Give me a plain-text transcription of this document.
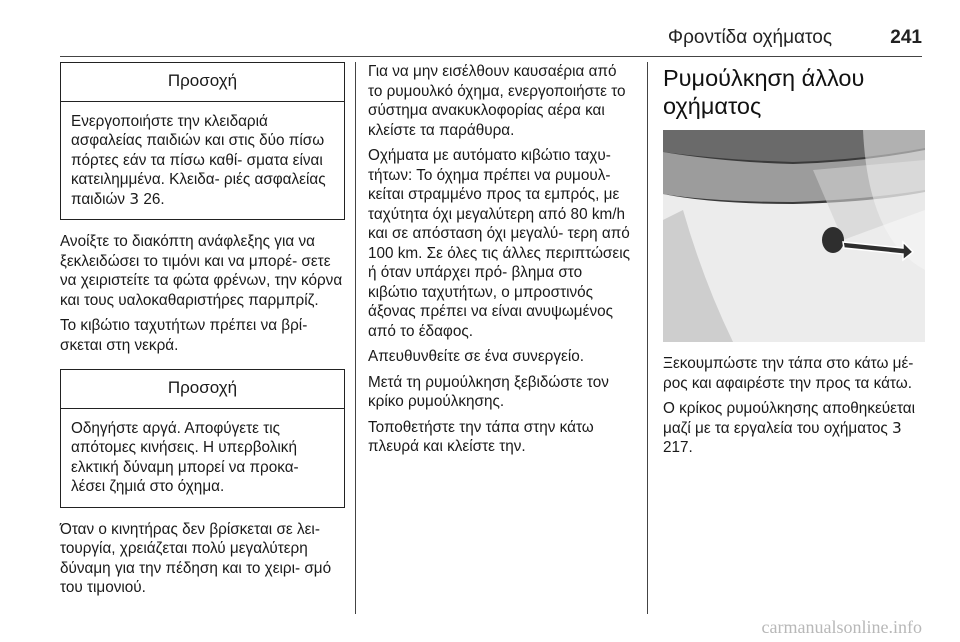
Φροντίδα οχήματος	241
Προσοχή
Ενεργοποιήστε την κλειδαριά ασφαλείας παιδιών και στις δύο πίσω πόρτες εάν τα πίσω καθί- σματα είναι κατειλημμένα. Κλειδα- ριές ασφαλείας παιδιών 3 26.

Ανοίξτε το διακόπτη ανάφλεξης για να ξεκλειδώσει το τιμόνι και να μπορέ- σετε να χειριστείτε τα φώτα φρένων, την κόρνα και τους υαλοκαθαριστήρες παρμπρίζ.

Το κιβώτιο ταχυτήτων πρέπει να βρί- σκεται στη νεκρά.

Προσοχή
Οδηγήστε αργά. Αποφύγετε τις απότομες κινήσεις. Η υπερβολική ελκτική δύναμη μπορεί να προκα- λέσει ζημιά στο όχημα.

Όταν ο κινητήρας δεν βρίσκεται σε λει- τουργία, χρειάζεται πολύ μεγαλύτερη δύναμη για την πέδηση και το χειρι- σμό του τιμονιού.

Για να μην εισέλθουν καυσαέρια από το ρυμουλκό όχημα, ενεργοποιήστε το σύστημα ανακυκλοφορίας αέρα και κλείστε τα παράθυρα.

Οχήματα με αυτόματο κιβώτιο ταχυ- τήτων: Το όχημα πρέπει να ρυμουλ- κείται στραμμένο προς τα εμπρός, με ταχύτητα όχι μεγαλύτερη από 80 km/h και σε απόσταση όχι μεγαλύ- τερη από 100 km. Σε όλες τις άλλες περιπτώσεις ή όταν υπάρχει πρό- βλημα στο κιβώτιο ταχυτήτων, ο μπροστινός άξονας πρέπει να είναι ανυψωμένος από το έδαφος.

Απευθυνθείτε σε ένα συνεργείο.

Μετά τη ρυμούλκηση ξεβιδώστε τον κρίκο ρυμούλκησης.

Τοποθετήστε την τάπα στην κάτω πλευρά και κλείστε την.

Ρυμούλκηση άλλου οχήματος

Ξεκουμπώστε την τάπα στο κάτω μέ- ρος και αφαιρέστε την προς τα κάτω.

Ο κρίκος ρυμούλκησης αποθηκεύεται μαζί με τα εργαλεία του οχήματος 3 217.

carmanualsonline.info
